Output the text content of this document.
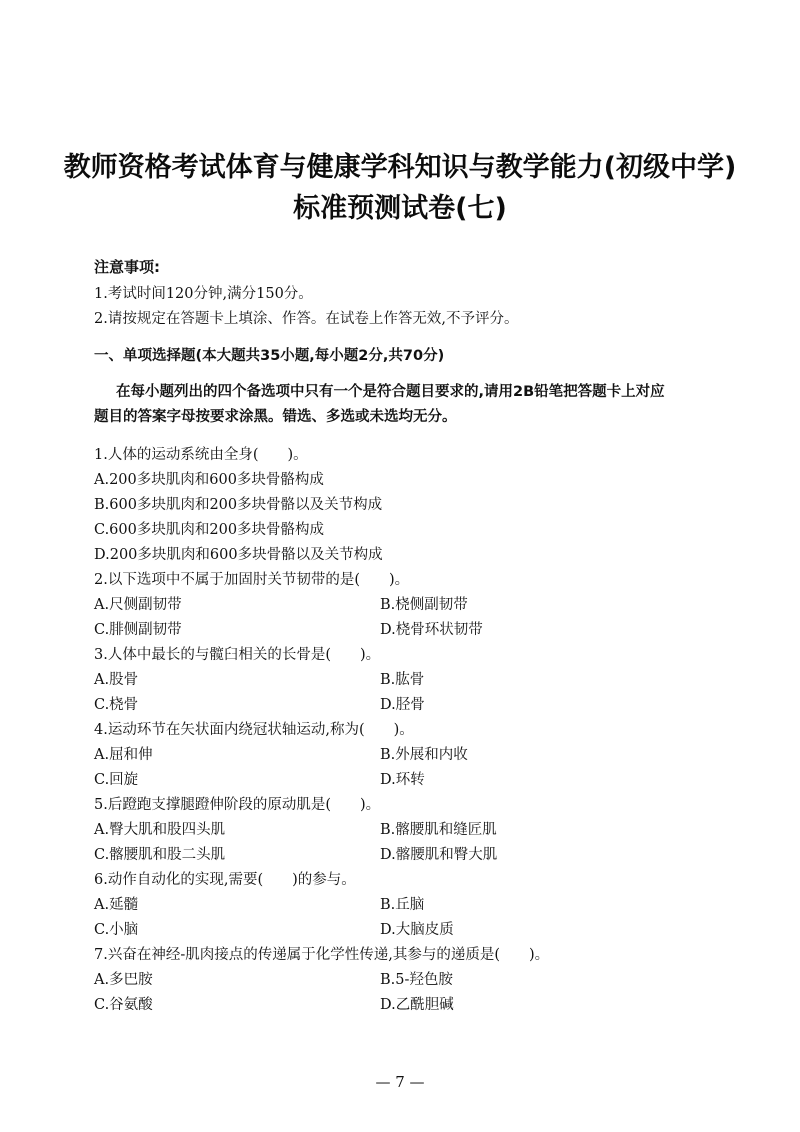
教师资格考试体育与健康学科知识与教学能力(初级中学)
标准预测试卷(七)
注意事项:
1.考试时间120分钟,满分150分。
2.请按规定在答题卡上填涂、作答。在试卷上作答无效,不予评分。
一、单项选择题(本大题共35小题,每小题2分,共70分)
在每小题列出的四个备选项中只有一个是符合题目要求的,请用2B铅笔把答题卡上对应
题目的答案字母按要求涂黑。错选、多选或未选均无分。
1.人体的运动系统由全身(　　)。
A.200多块肌肉和600多块骨骼构成
B.600多块肌肉和200多块骨骼以及关节构成
C.600多块肌肉和200多块骨骼构成
D.200多块肌肉和600多块骨骼以及关节构成
2.以下选项中不属于加固肘关节韧带的是(　　)。
A.尺侧副韧带	B.桡侧副韧带
C.腓侧副韧带	D.桡骨环状韧带
3.人体中最长的与髋臼相关的长骨是(　　)。
A.股骨	B.肱骨
C.桡骨	D.胫骨
4.运动环节在矢状面内绕冠状轴运动,称为(　　)。
A.屈和伸	B.外展和内收
C.回旋	D.环转
5.后蹬跑支撑腿蹬伸阶段的原动肌是(　　)。
A.臀大肌和股四头肌	B.髂腰肌和缝匠肌
C.髂腰肌和股二头肌	D.髂腰肌和臀大肌
6.动作自动化的实现,需要(　　)的参与。
A.延髓	B.丘脑
C.小脑	D.大脑皮质
7.兴奋在神经-肌肉接点的传递属于化学性传递,其参与的递质是(　　)。
A.多巴胺	B.5-羟色胺
C.谷氨酸	D.乙酰胆碱
— 7 —
